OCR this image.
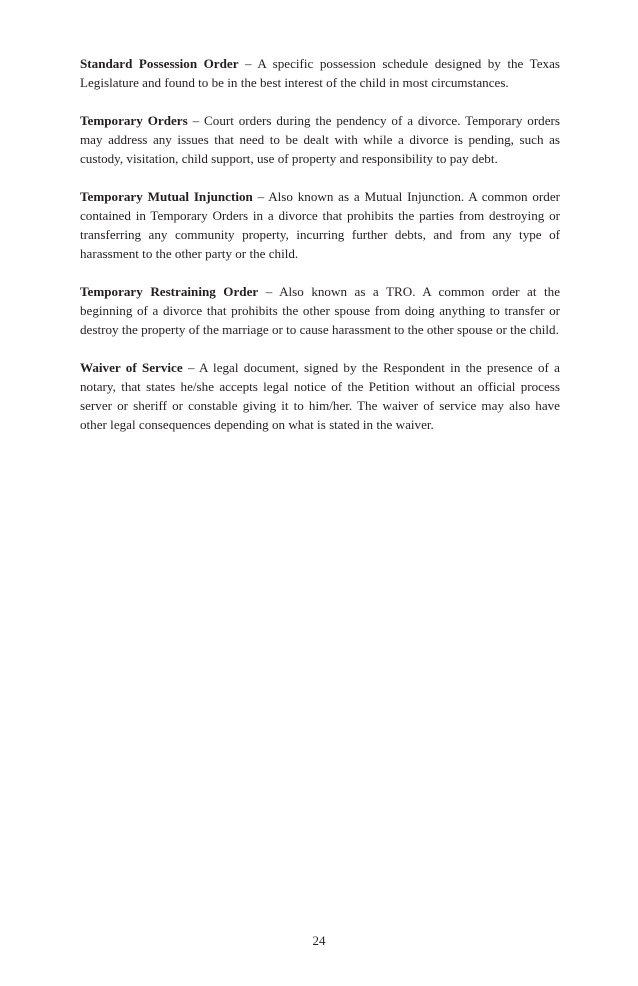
Standard Possession Order – A specific possession schedule designed by the Texas Legislature and found to be in the best interest of the child in most circumstances.

Temporary Orders – Court orders during the pendency of a divorce. Temporary orders may address any issues that need to be dealt with while a divorce is pending, such as custody, visitation, child support, use of property and responsibility to pay debt.

Temporary Mutual Injunction – Also known as a Mutual Injunction. A common order contained in Temporary Orders in a divorce that prohibits the parties from destroying or transferring any community property, incurring further debts, and from any type of harassment to the other party or the child.

Temporary Restraining Order – Also known as a TRO. A common order at the beginning of a divorce that prohibits the other spouse from doing anything to transfer or destroy the property of the marriage or to cause harassment to the other spouse or the child.

Waiver of Service – A legal document, signed by the Respondent in the presence of a notary, that states he/she accepts legal notice of the Petition without an official process server or sheriff or constable giving it to him/her. The waiver of service may also have other legal consequences depending on what is stated in the waiver.

24
